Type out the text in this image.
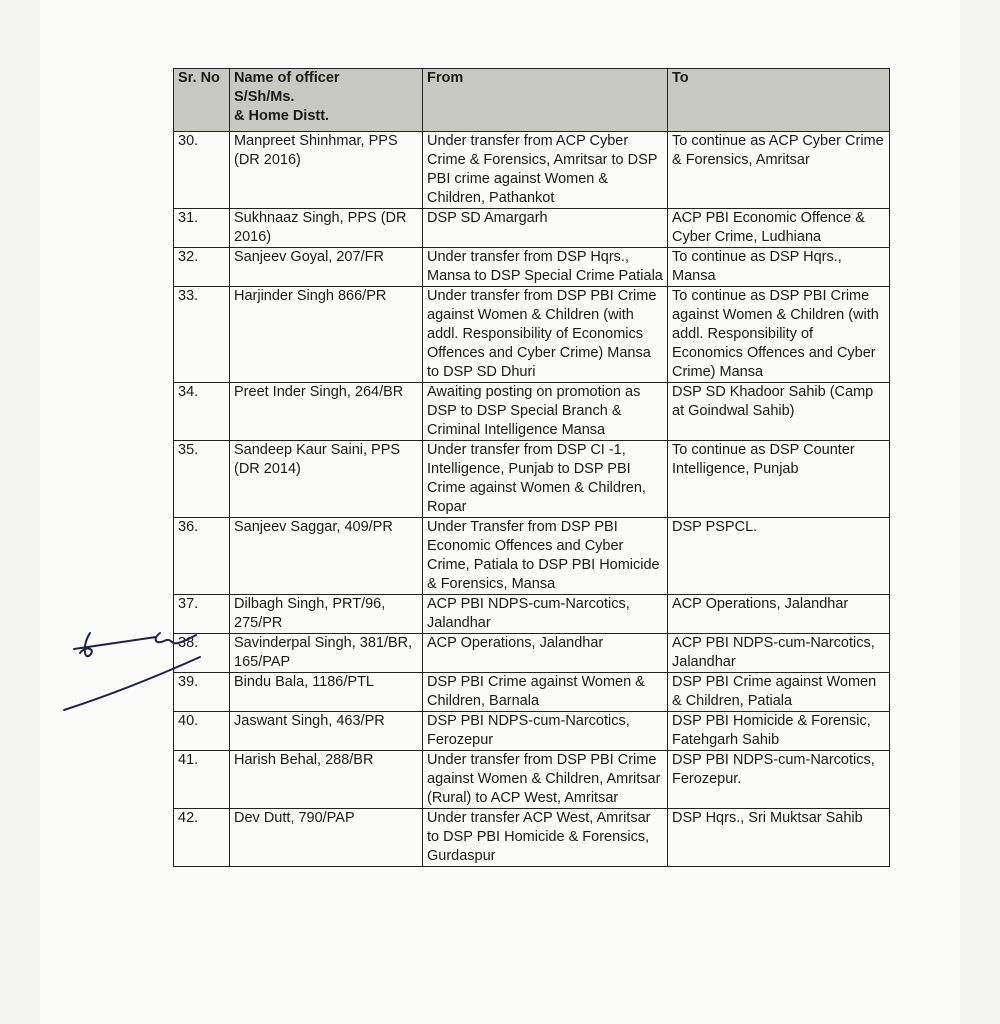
Sr. No	Name of officer
S/Sh/Ms.
& Home Distt.	From	To
30.	Manpreet Shinhmar, PPS (DR 2016)	Under transfer from ACP Cyber Crime & Forensics, Amritsar to DSP PBI crime against Women & Children, Pathankot	To continue as ACP Cyber Crime & Forensics, Amritsar
31.	Sukhnaaz Singh, PPS (DR 2016)	DSP SD Amargarh	ACP PBI Economic Offence & Cyber Crime, Ludhiana
32.	Sanjeev Goyal, 207/FR	Under transfer from DSP Hqrs., Mansa to DSP Special Crime Patiala	To continue as DSP Hqrs., Mansa
33.	Harjinder Singh 866/PR	Under transfer from DSP PBI Crime against Women & Children (with addl. Responsibility of Economics Offences and Cyber Crime) Mansa to DSP SD Dhuri	To continue as DSP PBI Crime against Women & Children (with addl. Responsibility of Economics Offences and Cyber Crime) Mansa
34.	Preet Inder Singh, 264/BR	Awaiting posting on promotion as DSP to DSP Special Branch & Criminal Intelligence Mansa	DSP SD Khadoor Sahib (Camp at Goindwal Sahib)
35.	Sandeep Kaur Saini, PPS (DR 2014)	Under transfer from DSP CI -1, Intelligence, Punjab to DSP PBI Crime against Women & Children, Ropar	To continue as DSP Counter Intelligence, Punjab
36.	Sanjeev Saggar, 409/PR	Under Transfer from DSP PBI Economic Offences and Cyber Crime, Patiala to DSP PBI Homicide & Forensics, Mansa	DSP PSPCL.
37.	Dilbagh Singh, PRT/96, 275/PR	ACP PBI NDPS-cum-Narcotics, Jalandhar	ACP Operations, Jalandhar
38.	Savinderpal Singh, 381/BR, 165/PAP	ACP Operations, Jalandhar	ACP PBI NDPS-cum-Narcotics, Jalandhar
39.	Bindu Bala, 1186/PTL	DSP PBI Crime against Women & Children, Barnala	DSP PBI Crime against Women & Children, Patiala
40.	Jaswant Singh, 463/PR	DSP PBI NDPS-cum-Narcotics, Ferozepur	DSP PBI Homicide & Forensic, Fatehgarh Sahib
41.	Harish Behal, 288/BR	Under transfer from DSP PBI Crime against Women & Children, Amritsar (Rural) to ACP West, Amritsar	DSP PBI NDPS-cum-Narcotics, Ferozepur.
42.	Dev Dutt, 790/PAP	Under transfer ACP West, Amritsar to DSP PBI Homicide & Forensics, Gurdaspur	DSP Hqrs., Sri Muktsar Sahib
